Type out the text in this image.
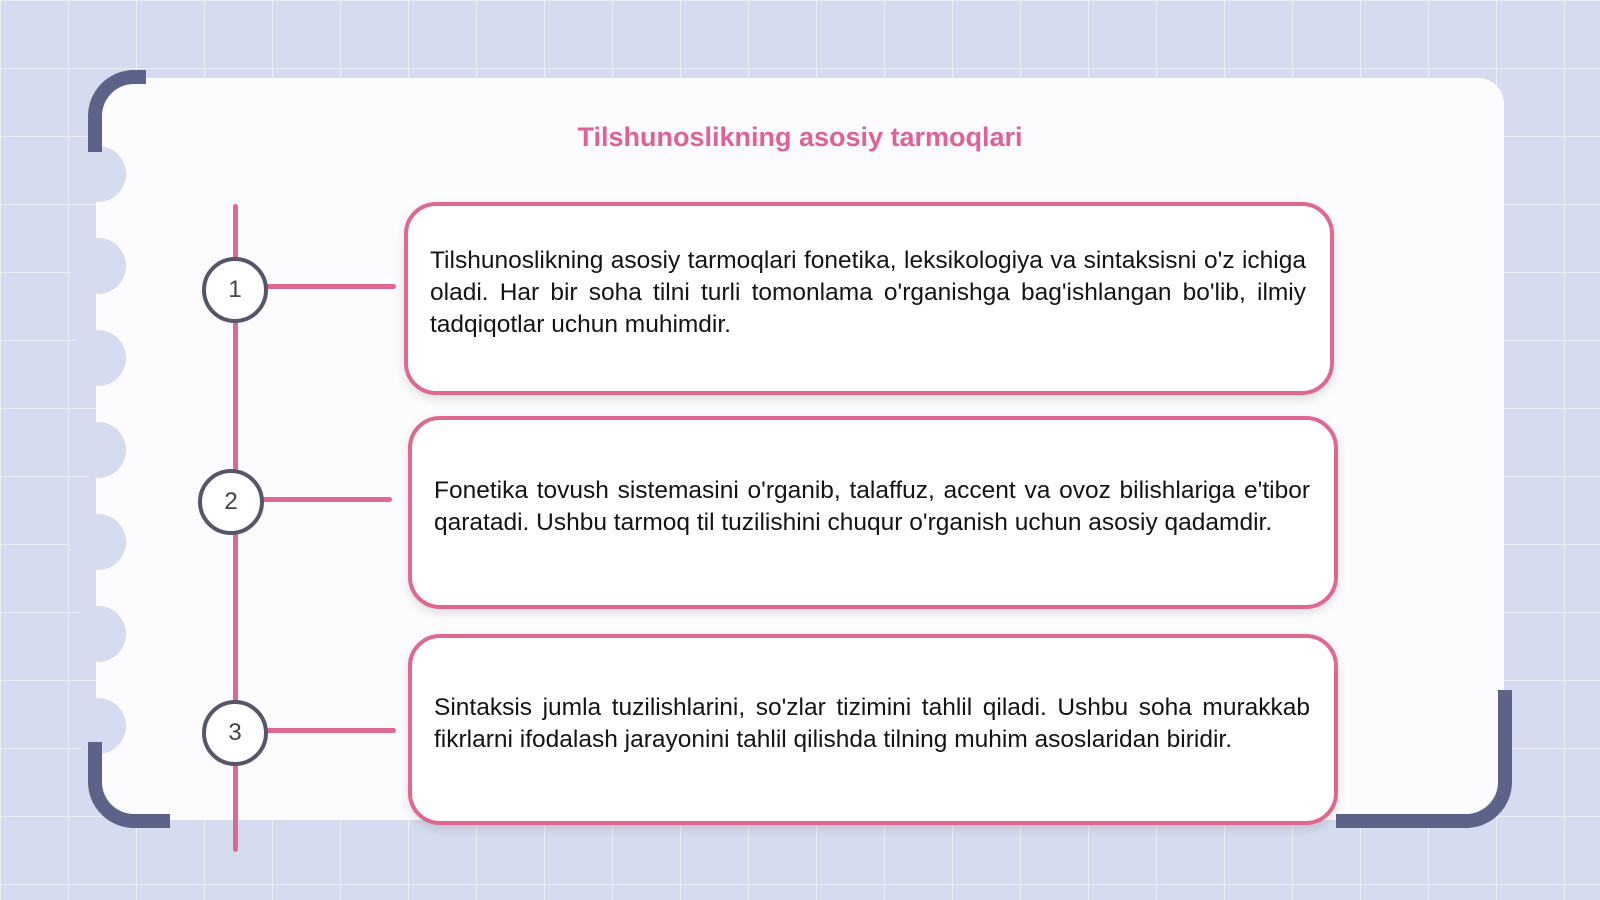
Tilshunoslikning asosiy tarmoqlari
1
2
3
Tilshunoslikning asosiy tarmoqlari fonetika, leksikologiya va sintaksisni o'z ichiga oladi. Har bir soha tilni turli tomonlama o'rganishga bag'ishlangan bo'lib, ilmiy tadqiqotlar uchun muhimdir.
Fonetika tovush sistemasini o'rganib, talaffuz, accent va ovoz bilishlariga e'tibor qaratadi. Ushbu tarmoq til tuzilishini chuqur o'rganish uchun asosiy qadamdir.
Sintaksis jumla tuzilishlarini, so'zlar tizimini tahlil qiladi. Ushbu soha murakkab fikrlarni ifodalash jarayonini tahlil qilishda tilning muhim asoslaridan biridir.
